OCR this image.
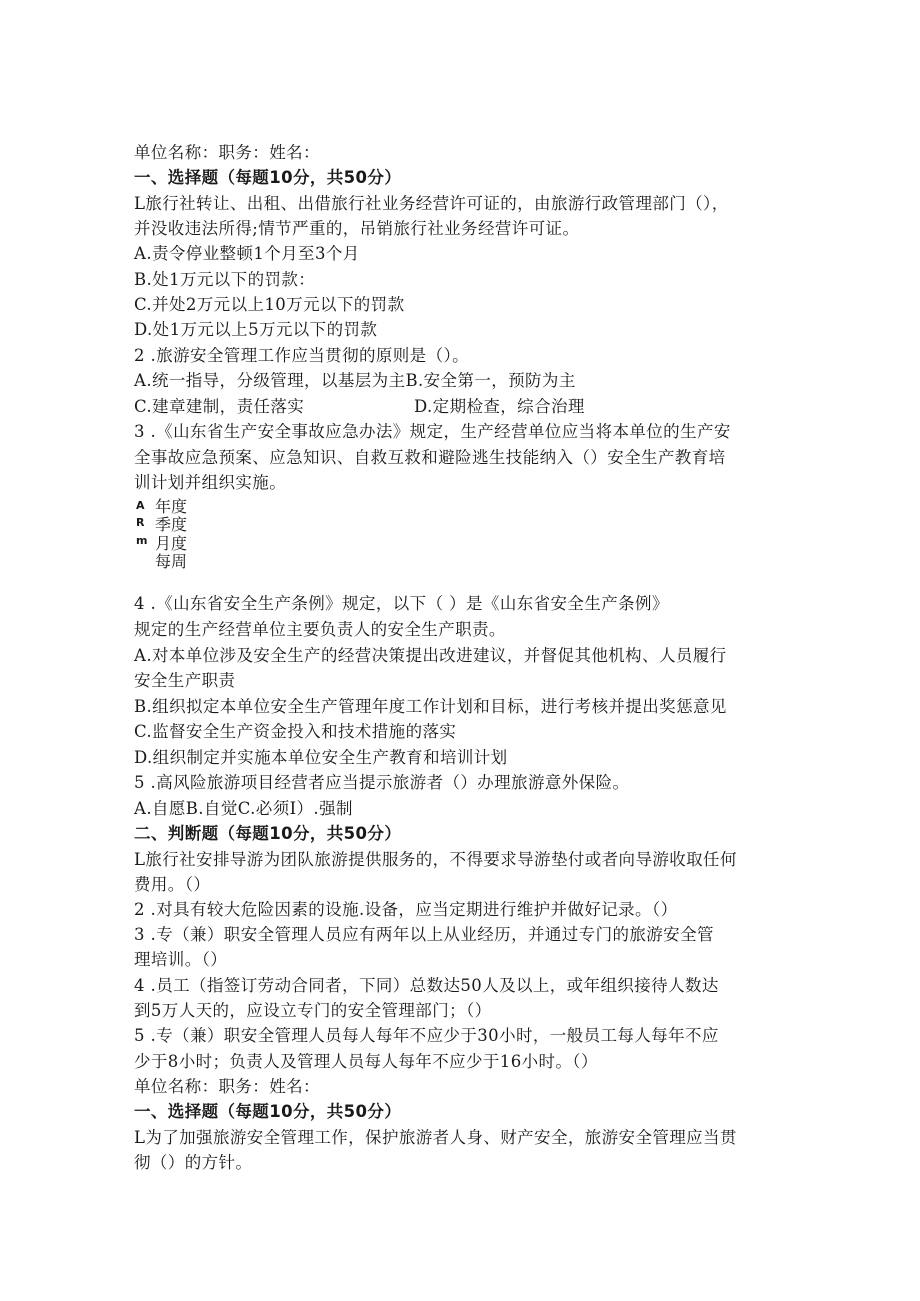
单位名称：职务：姓名：
一、选择题（每题10分，共50分）
L旅行社转让、出租、出借旅行社业务经营许可证的，由旅游行政管理部门（），
并没收违法所得;情节严重的，吊销旅行社业务经营许可证。
A.责令停业整顿1个月至3个月
B.处1万元以下的罚款：
C.并处2万元以上10万元以下的罚款
D.处1万元以上5万元以下的罚款
2 .旅游安全管理工作应当贯彻的原则是（）。
A.统一指导，分级管理，以基层为主B.安全第一，预防为主
C.建章建制，责任落实	D.定期检查，综合治理
3 .《山东省生产安全事故应急办法》规定，生产经营单位应当将本单位的生产安
全事故应急预案、应急知识、自救互救和避险逃生技能纳入（）安全生产教育培
训计划并组织实施。
A
R
m
年度
季度
月度
每周
4 .《山东省安全生产条例》规定，以下（ ）是《山东省安全生产条例》
规定的生产经营单位主要负责人的安全生产职责。
A.对本单位涉及安全生产的经营决策提出改进建议，并督促其他机构、人员履行
安全生产职责
B.组织拟定本单位安全生产管理年度工作计划和目标，进行考核并提出奖惩意见
C.监督安全生产资金投入和技术措施的落实
D.组织制定并实施本单位安全生产教育和培训计划
5 .高风险旅游项目经营者应当提示旅游者（）办理旅游意外保险。
A.自愿B.自觉C.必须I）.强制
二、判断题（每题10分，共50分）
L旅行社安排导游为团队旅游提供服务的，不得要求导游垫付或者向导游收取任何
费用。（）
2 .对具有较大危险因素的设施.设备，应当定期进行维护并做好记录。（）
3 .专（兼）职安全管理人员应有两年以上从业经历，并通过专门的旅游安全管
理培训。（）
4 .员工（指签订劳动合同者，下同）总数达50人及以上，或年组织接待人数达
到5万人天的，应设立专门的安全管理部门；（）
5 .专（兼）职安全管理人员每人每年不应少于30小时，一般员工每人每年不应
少于8小时；负责人及管理人员每人每年不应少于16小时。（）
单位名称：职务：姓名：
一、选择题（每题10分，共50分）
L为了加强旅游安全管理工作，保护旅游者人身、财产安全，旅游安全管理应当贯
彻（）的方针。
